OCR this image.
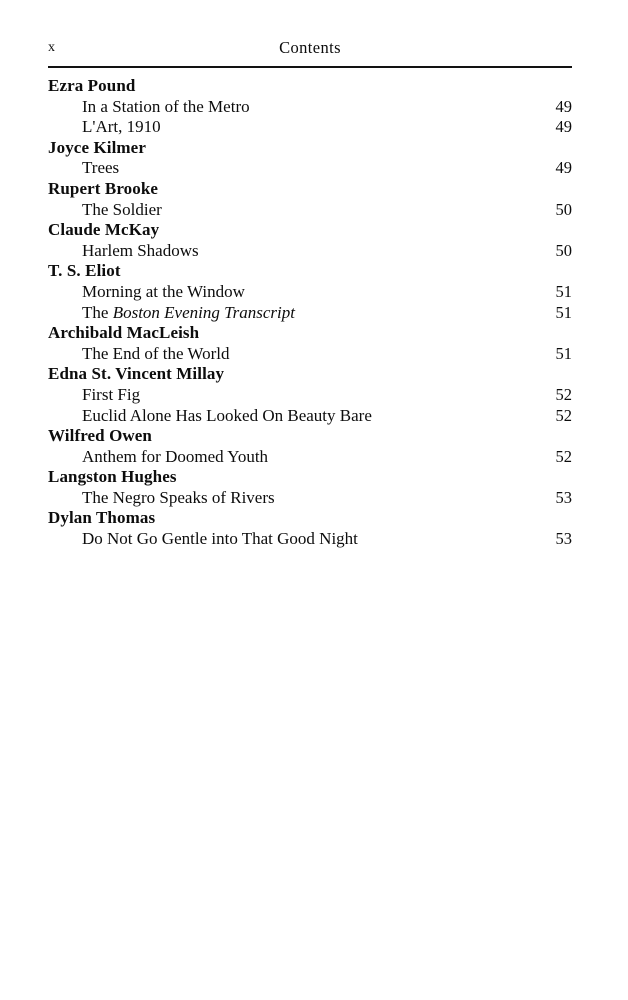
x	Contents
Ezra Pound
In a Station of the Metro	49
L'Art, 1910	49
Joyce Kilmer
Trees	49
Rupert Brooke
The Soldier	50
Claude McKay
Harlem Shadows	50
T. S. Eliot
Morning at the Window	51
The Boston Evening Transcript	51
Archibald MacLeish
The End of the World	51
Edna St. Vincent Millay
First Fig	52
Euclid Alone Has Looked On Beauty Bare	52
Wilfred Owen
Anthem for Doomed Youth	52
Langston Hughes
The Negro Speaks of Rivers	53
Dylan Thomas
Do Not Go Gentle into That Good Night	53
